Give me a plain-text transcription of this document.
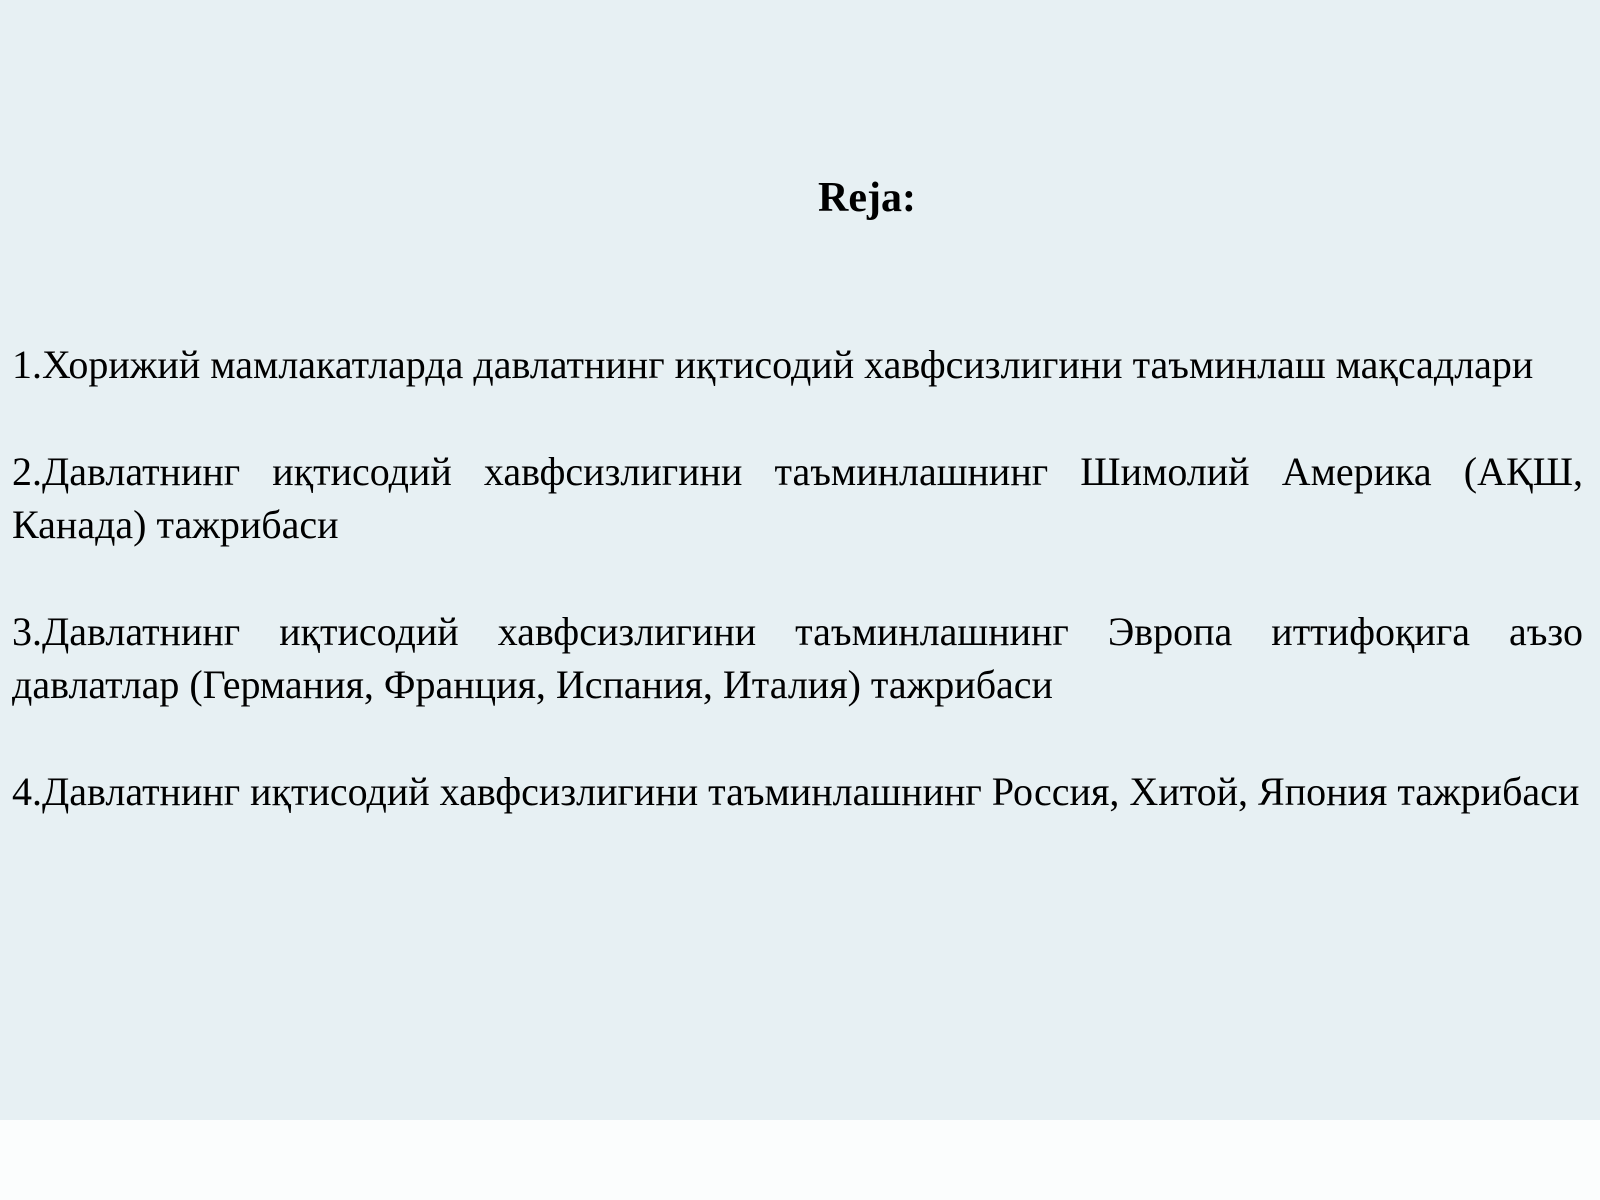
Reja:

1.Хорижий мамлакатларда давлатнинг иқтисодий хавфсизлигини таъминлаш мақсадлари

2.Давлатнинг иқтисодий хавфсизлигини таъминлашнинг Шимолий Америка (АҚШ, Канада) тажрибаси

3.Давлатнинг иқтисодий хавфсизлигини таъминлашнинг Эвропа иттифоқига аъзо давлатлар (Германия, Франция, Испания, Италия) тажрибаси

4.Давлатнинг иқтисодий хавфсизлигини таъминлашнинг Россия, Хитой, Япония тажрибаси
